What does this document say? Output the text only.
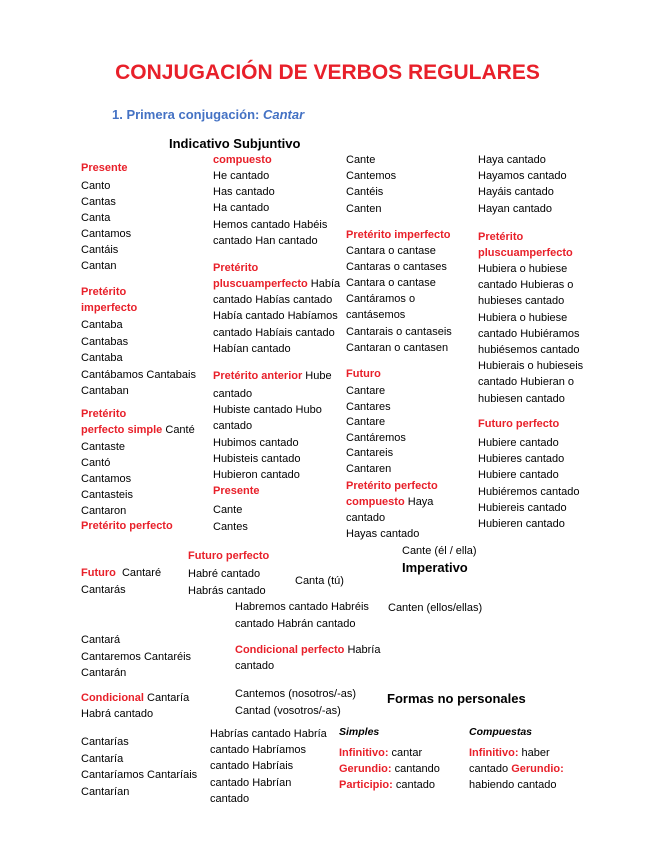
CONJUGACIÓN DE VERBOS REGULARES
1. Primera conjugación: Cantar
Indicativo Subjuntivo
Presente
Canto
Cantas
Canta
Cantamos
Cantáis
Cantan
Pretérito
imperfecto
Cantaba
Cantabas
Cantaba
Cantábamos Cantabais
Cantaban
Pretérito
perfecto simple Canté
Cantaste
Cantó
Cantamos
Cantasteis
Cantaron
Pretérito perfecto
Futuro  Cantaré
Cantarás
Cantará
Cantaremos Cantaréis
Cantarán
Condicional Cantaría
Habrá cantado
Cantarías
Cantaría
Cantaríamos Cantaríais
Cantarían
compuesto
He cantado
Has cantado
Ha cantado
Hemos cantado Habéis
cantado Han cantado
Pretérito
pluscuamperfecto Había
cantado Habías cantado
Había cantado Habíamos
cantado Habíais cantado
Habían cantado
Pretérito anterior Hube
cantado
Hubiste cantado Hubo
cantado
Hubimos cantado
Hubisteis cantado
Hubieron cantado
Presente
Cante
Cantes
Futuro perfecto
Habré cantado
Habrás cantado
Habremos cantado Habréis
cantado Habrán cantado
Condicional perfecto Habría
cantado
Habrías cantado Habría
cantado Habríamos
cantado Habríais
cantado Habrían
cantado
Cante
Cantemos
Cantéis
Canten
Pretérito imperfecto
Cantara o cantase
Cantaras o cantases
Cantara o cantase
Cantáramos o
cantásemos
Cantarais o cantaseis
Cantaran o cantasen
Futuro
Cantare
Cantares
Cantare
Cantáremos
Cantareis
Cantaren
Pretérito perfecto
compuesto Haya
cantado
Hayas cantado
Haya cantado
Hayamos cantado
Hayáis cantado
Hayan cantado
Pretérito
pluscuamperfecto
Hubiera o hubiese
cantado Hubieras o
hubieses cantado
Hubiera o hubiese
cantado Hubiéramos
hubiésemos cantado
Hubierais o hubieseis
cantado Hubieran o
hubiesen cantado
Futuro perfecto
Hubiere cantado
Hubieres cantado
Hubiere cantado
Hubiéremos cantado
Hubiereis cantado
Hubieren cantado
Cante (él / ella)
Imperativo
Canta (tú)
Canten (ellos/ellas)
Cantemos (nosotros/-as)
Cantad (vosotros/-as)
Formas no personales
Simples	Compuestas
Infinitivo: cantar
Gerundio: cantando
Participio: cantado
Infinitivo: haber
cantado Gerundio:
habiendo cantado
